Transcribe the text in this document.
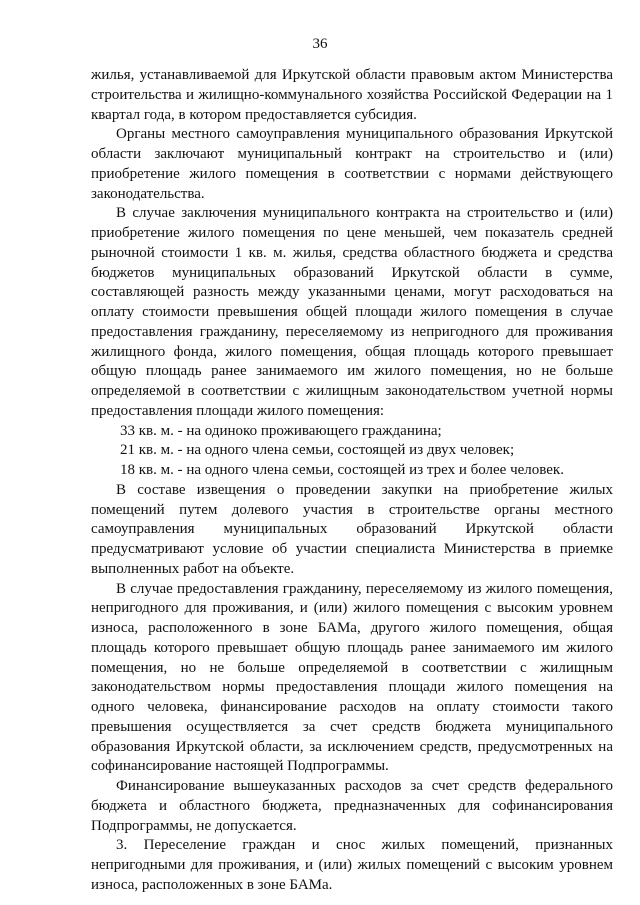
36

жилья, устанавливаемой для Иркутской области правовым актом Министерства строительства и жилищно-коммунального хозяйства Российской Федерации на 1 квартал года, в котором предоставляется субсидия.

Органы местного самоуправления муниципального образования Иркутской области заключают муниципальный контракт на строительство и (или) приобретение жилого помещения в соответствии с нормами действующего законодательства.

В случае заключения муниципального контракта на строительство и (или) приобретение жилого помещения по цене меньшей, чем показатель средней рыночной стоимости 1 кв. м. жилья, средства областного бюджета и средства бюджетов муниципальных образований Иркутской области в сумме, составляющей разность между указанными ценами, могут расходоваться на оплату стоимости превышения общей площади жилого помещения в случае предоставления гражданину, переселяемому из непригодного для проживания жилищного фонда, жилого помещения, общая площадь которого превышает общую площадь ранее занимаемого им жилого помещения, но не больше определяемой в соответствии с жилищным законодательством учетной нормы предоставления площади жилого помещения:

33 кв. м. - на одиноко проживающего гражданина;

21 кв. м. - на одного члена семьи, состоящей из двух человек;

18 кв. м. - на одного члена семьи, состоящей из трех и более человек.

В составе извещения о проведении закупки на приобретение жилых помещений путем долевого участия в строительстве органы местного самоуправления муниципальных образований Иркутской области предусматривают условие об участии специалиста Министерства в приемке выполненных работ на объекте.

В случае предоставления гражданину, переселяемому из жилого помещения, непригодного для проживания, и (или) жилого помещения с высоким уровнем износа, расположенного в зоне БАМа, другого жилого помещения, общая площадь которого превышает общую площадь ранее занимаемого им жилого помещения, но не больше определяемой в соответствии с жилищным законодательством нормы предоставления площади жилого помещения на одного человека, финансирование расходов на оплату стоимости такого превышения осуществляется за счет средств бюджета муниципального образования Иркутской области, за исключением средств, предусмотренных на софинансирование настоящей Подпрограммы.

Финансирование вышеуказанных расходов за счет средств федерального бюджета и областного бюджета, предназначенных для софинансирования Подпрограммы, не допускается.

3. Переселение граждан и снос жилых помещений, признанных непригодными для проживания, и (или) жилых помещений с высоким уровнем износа, расположенных в зоне БАМа.
